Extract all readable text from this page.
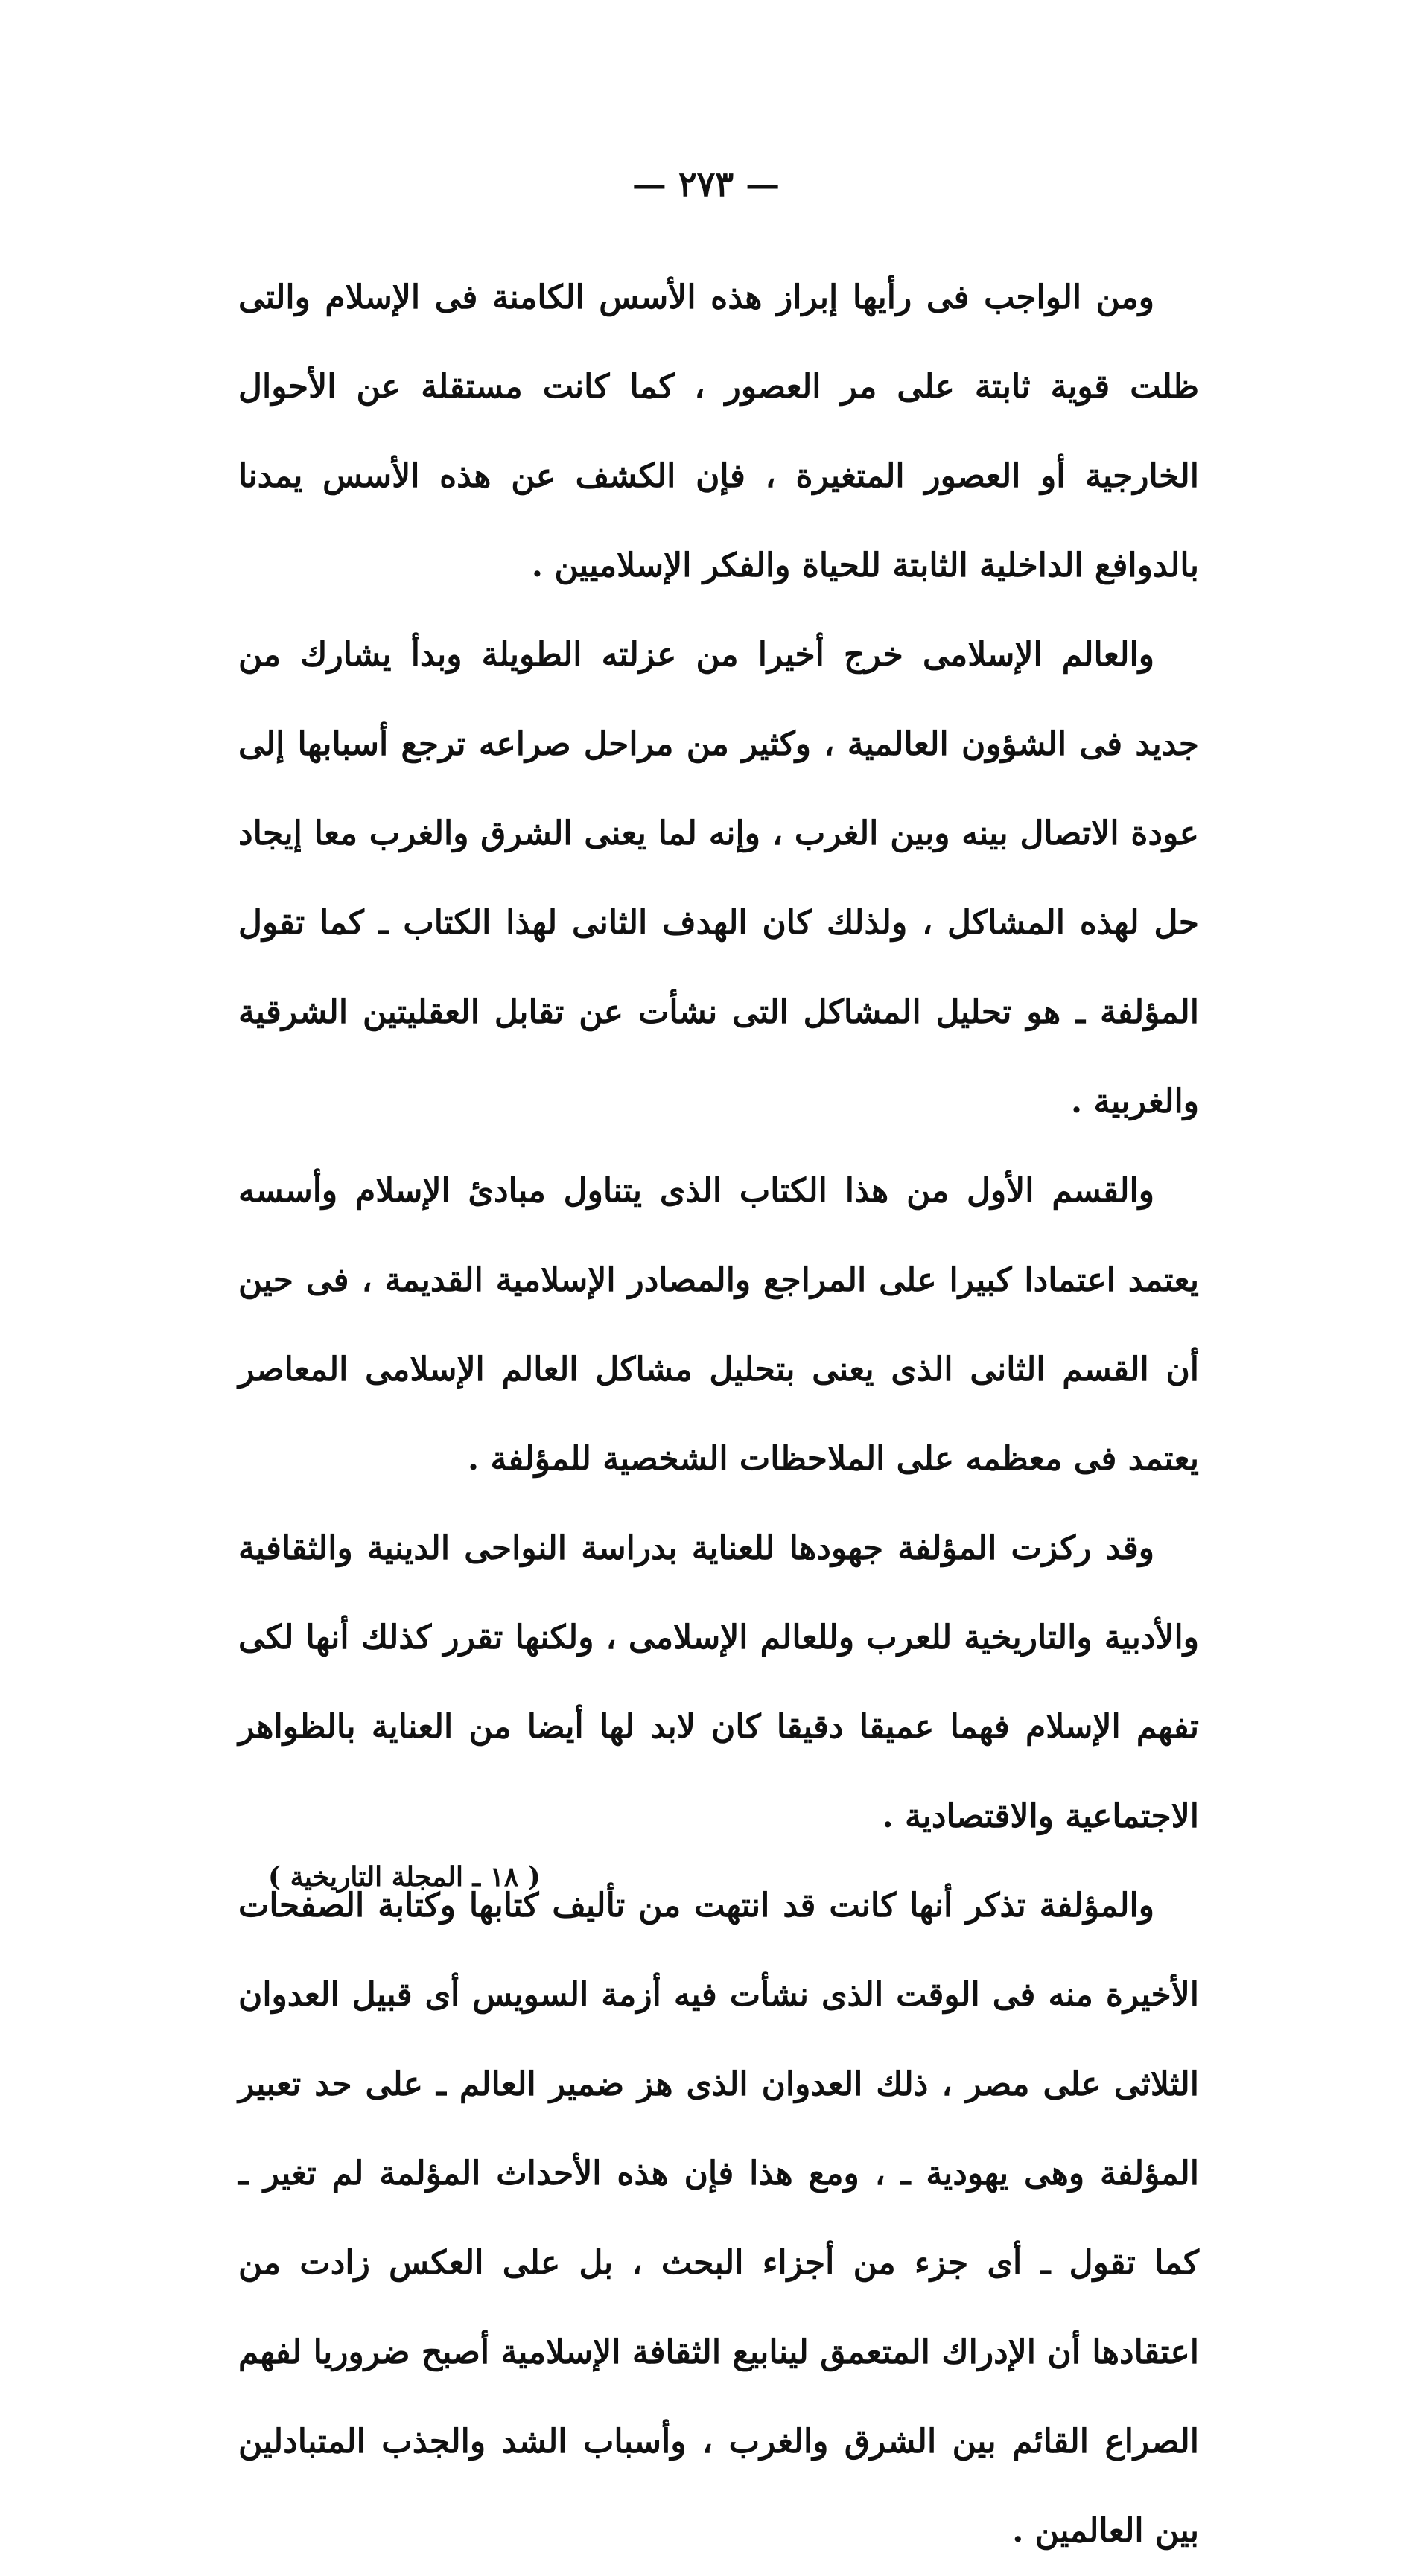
— ٢٧٣ —

ومن الواجب فى رأيها إبراز هذه الأسس الكامنة فى الإسلام والتى ظلت قوية ثابتة على مر العصور ، كما كانت مستقلة عن الأحوال الخارجية أو العصور المتغيرة ، فإن الكشف عن هذه الأسس يمدنا بالدوافع الداخلية الثابتة للحياة والفكر الإسلاميين .

والعالم الإسلامى خرج أخيرا من عزلته الطويلة وبدأ يشارك من جديد فى الشؤون العالمية ، وكثير من مراحل صراعه ترجع أسبابها إلى عودة الاتصال بينه وبين الغرب ، وإنه لما يعنى الشرق والغرب معا إيجاد حل لهذه المشاكل ، ولذلك كان الهدف الثانى لهذا الكتاب ـ كما تقول المؤلفة ـ هو تحليل المشاكل التى نشأت عن تقابل العقليتين الشرقية والغربية .

والقسم الأول من هذا الكتاب الذى يتناول مبادئ الإسلام وأسسه يعتمد اعتمادا كبيرا على المراجع والمصادر الإسلامية القديمة ، فى حين أن القسم الثانى الذى يعنى بتحليل مشاكل العالم الإسلامى المعاصر يعتمد فى معظمه على الملاحظات الشخصية للمؤلفة .

وقد ركزت المؤلفة جهودها للعناية بدراسة النواحى الدينية والثقافية والأدبية والتاريخية للعرب وللعالم الإسلامى ، ولكنها تقرر كذلك أنها لكى تفهم الإسلام فهما عميقا دقيقا كان لابد لها أيضا من العناية بالظواهر الاجتماعية والاقتصادية .

والمؤلفة تذكر أنها كانت قد انتهت من تأليف كتابها وكتابة الصفحات الأخيرة منه فى الوقت الذى نشأت فيه أزمة السويس أى قبيل العدوان الثلاثى على مصر ، ذلك العدوان الذى هز ضمير العالم ـ على حد تعبير المؤلفة وهى يهودية ـ ، ومع هذا فإن هذه الأحداث المؤلمة لم تغير ـ كما تقول ـ أى جزء من أجزاء البحث ، بل على العكس زادت من اعتقادها أن الإدراك المتعمق لينابيع الثقافة الإسلامية أصبح ضروريا لفهم الصراع القائم بين الشرق والغرب ، وأسباب الشد والجذب المتبادلين بين العالمين .

( ١٨ ـ المجلة التاريخية )
